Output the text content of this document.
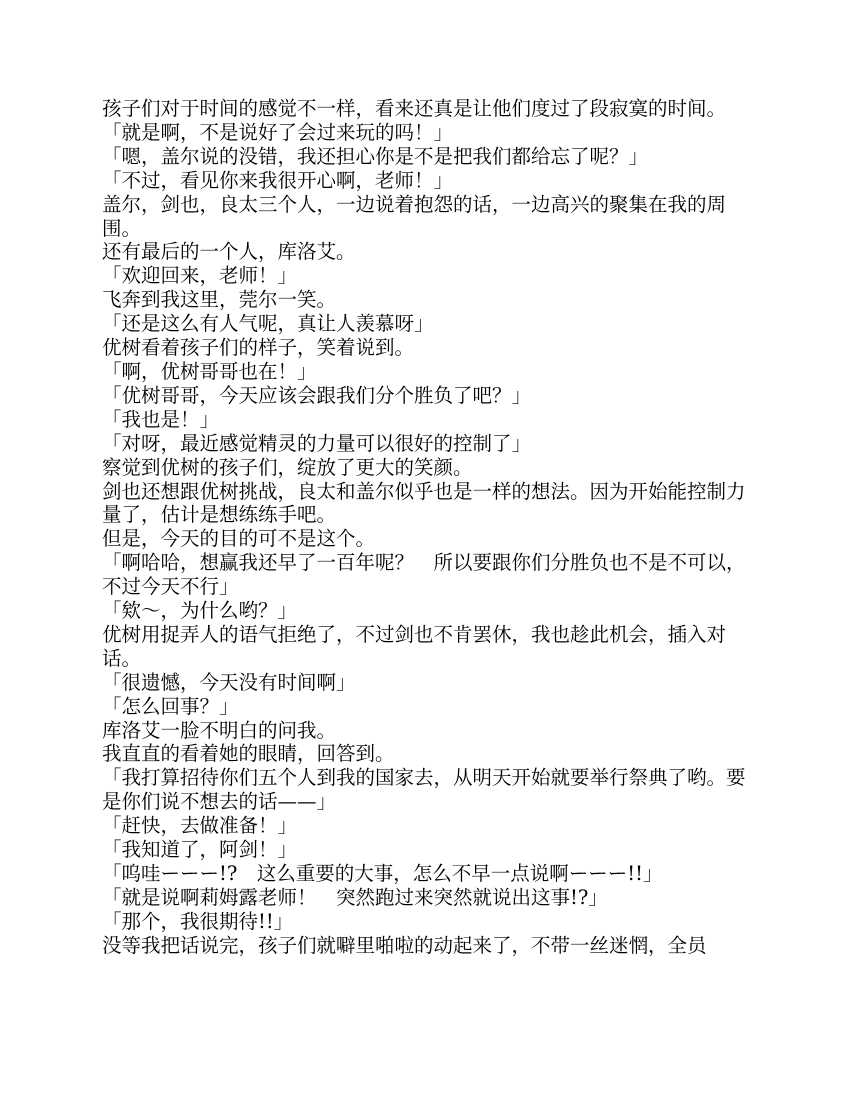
孩子们对于时间的感觉不一样，看来还真是让他们度过了段寂寞的时间。

「就是啊，不是说好了会过来玩的吗！」

「嗯，盖尔说的没错，我还担心你是不是把我们都给忘了呢？」

「不过，看见你来我很开心啊，老师！」

盖尔，剑也，良太三个人，一边说着抱怨的话，一边高兴的聚集在我的周围。

还有最后的一个人，库洛艾。

「欢迎回来，老师！」

飞奔到我这里，莞尔一笑。

「还是这么有人气呢，真让人羡慕呀」

优树看着孩子们的样子，笑着说到。

「啊，优树哥哥也在！」

「优树哥哥，今天应该会跟我们分个胜负了吧？」

「我也是！」

「对呀，最近感觉精灵的力量可以很好的控制了」

察觉到优树的孩子们，绽放了更大的笑颜。

剑也还想跟优树挑战，良太和盖尔似乎也是一样的想法。因为开始能控制力量了，估计是想练练手吧。

但是，今天的目的可不是这个。

「啊哈哈，想赢我还早了一百年呢？　所以要跟你们分胜负也不是不可以，不过今天不行」

「欸～，为什么哟？」

优树用捉弄人的语气拒绝了，不过剑也不肯罢休，我也趁此机会，插入对话。

「很遗憾，今天没有时间啊」

「怎么回事？」

库洛艾一脸不明白的问我。

我直直的看着她的眼睛，回答到。

「我打算招待你们五个人到我的国家去，从明天开始就要举行祭典了哟。要是你们说不想去的话——」

「赶快，去做准备！」

「我知道了，阿剑！」

「呜哇ーーー!?　这么重要的大事，怎么不早一点说啊ーーー!!」

「就是说啊莉姆露老师！　突然跑过来突然就说出这事!?」

「那个，我很期待!!」

没等我把话说完，孩子们就噼里啪啦的动起来了，不带一丝迷惘，全员
